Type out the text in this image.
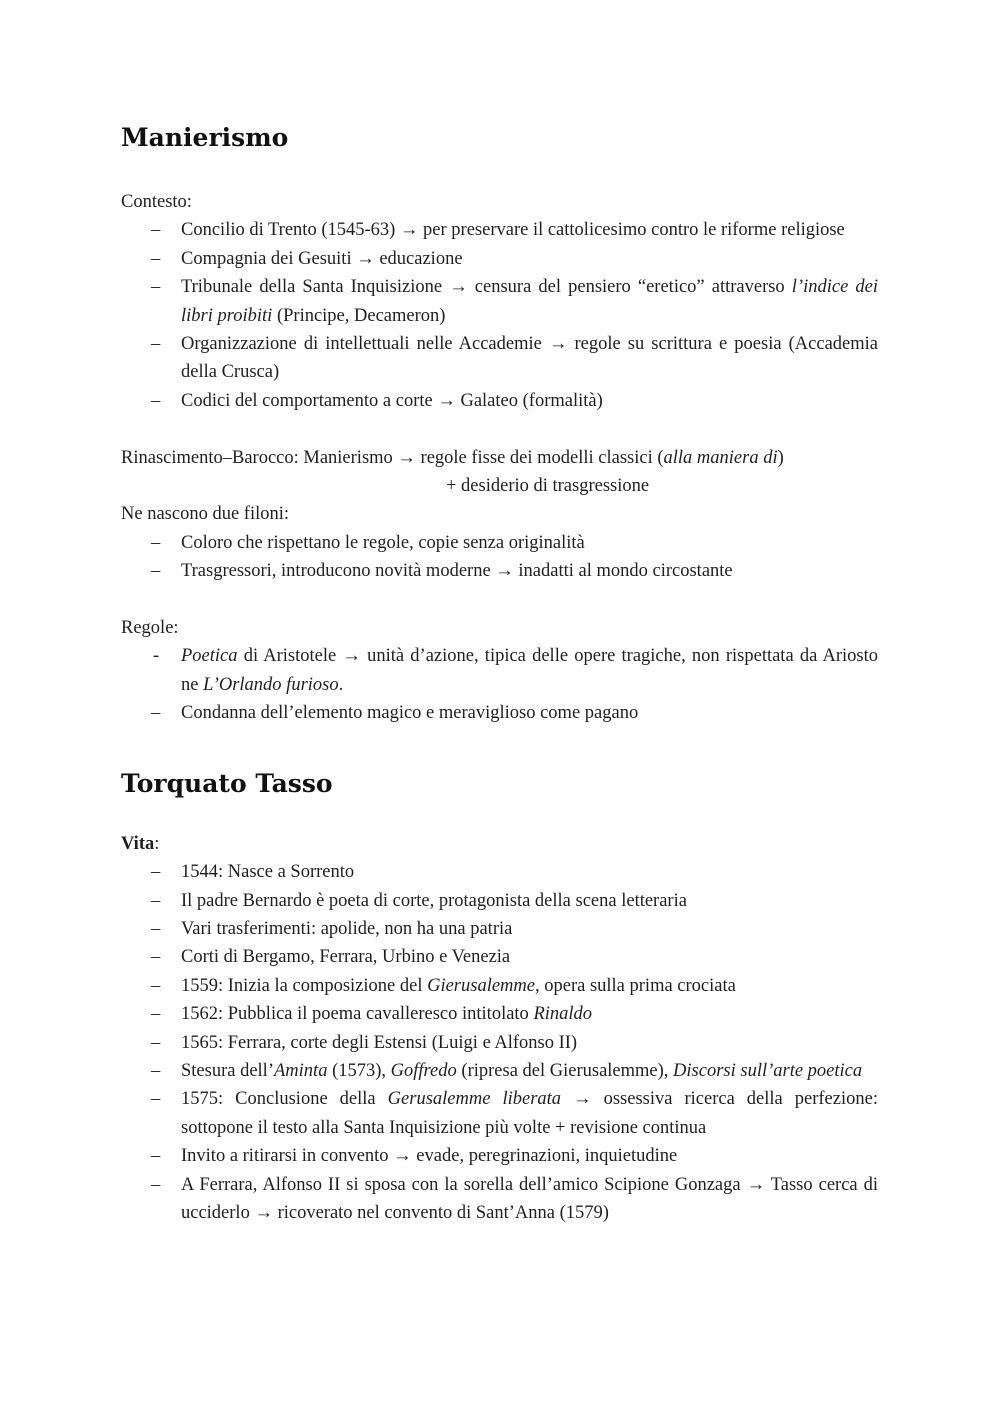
Manierismo

Contesto:

– Concilio di Trento (1545-63) → per preservare il cattolicesimo contro le riforme religiose
– Compagnia dei Gesuiti → educazione
– Tribunale della Santa Inquisizione → censura del pensiero “eretico” attraverso l’indice dei libri proibiti (Principe, Decameron)
– Organizzazione di intellettuali nelle Accademie → regole su scrittura e poesia (Accademia della Crusca)
– Codici del comportamento a corte → Galateo (formalità)

Rinascimento–Barocco: Manierismo → regole fisse dei modelli classici (alla maniera di)

+ desiderio di trasgressione

Ne nascono due filoni:

– Coloro che rispettano le regole, copie senza originalità
– Trasgressori, introducono novità moderne → inadatti al mondo circostante

Regole:

- Poetica di Aristotele → unità d’azione, tipica delle opere tragiche, non rispettata da Ariosto ne L’Orlando furioso.
– Condanna dell’elemento magico e meraviglioso come pagano
Torquato Tasso

Vita:

– 1544: Nasce a Sorrento
– Il padre Bernardo è poeta di corte, protagonista della scena letteraria
– Vari trasferimenti: apolide, non ha una patria
– Corti di Bergamo, Ferrara, Urbino e Venezia
– 1559: Inizia la composizione del Gierusalemme, opera sulla prima crociata
– 1562: Pubblica il poema cavalleresco intitolato Rinaldo
– 1565: Ferrara, corte degli Estensi (Luigi e Alfonso II)
– Stesura dell’Aminta (1573), Goffredo (ripresa del Gierusalemme), Discorsi sull’arte poetica
– 1575: Conclusione della Gerusalemme liberata → ossessiva ricerca della perfezione: sottopone il testo alla Santa Inquisizione più volte + revisione continua
– Invito a ritirarsi in convento → evade, peregrinazioni, inquietudine
– A Ferrara, Alfonso II si sposa con la sorella dell’amico Scipione Gonzaga → Tasso cerca di ucciderlo → ricoverato nel convento di Sant’Anna (1579)
